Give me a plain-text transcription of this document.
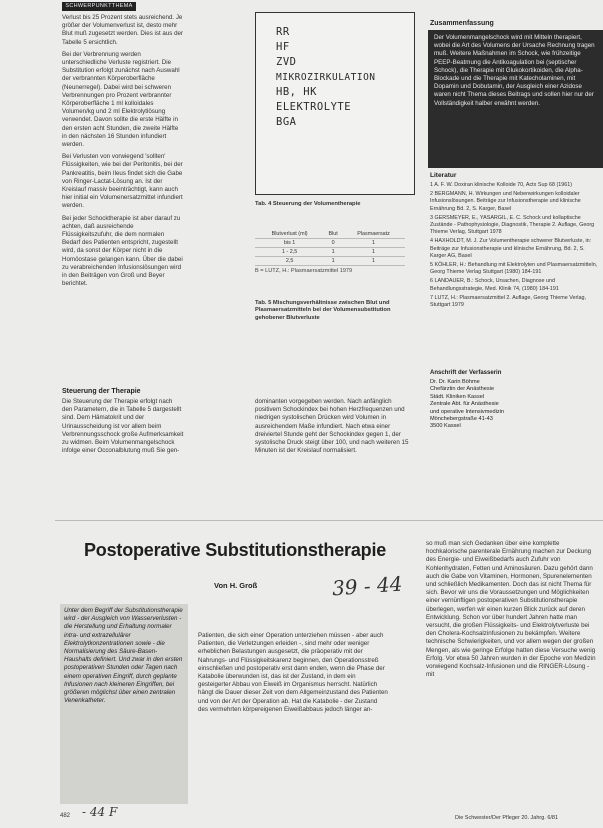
SCHWERPUNKTTHEMA

Verlust bis 25 Prozent stets ausreichend. Je größer der Volumenverlust ist, desto mehr Blut muß zugesetzt werden. Dies ist aus der Tabelle 5 ersichtlich.

Bei der Verbrennung werden unterschiedliche Verluste registriert. Die Substitution erfolgt zunächst nach Auswahl der verbrannten Körperoberfläche (Neunerregel). Dabei wird bei schweren Verbrennungen pro Prozent verbrannter Körperoberfläche 1 ml kolloidales Volumen/kg und 2 ml Elektrolytlösung verwendet. Davon sollte die erste Hälfte in den ersten acht Stunden, die zweite Hälfte in den nächsten 16 Stunden infundiert werden.

Bei Verlusten von vorwiegend 'sollten' Flüssigkeiten, wie bei der Peritonitis, bei der Pankreatitis, beim Ileus findet sich die Gabe von Ringer-Lactat-Lösung an. Ist der Kreislauf massiv beeinträchtigt, kann auch hier initial ein Volumenersatzmittel infundiert werden.

Bei jeder Schocktherapie ist aber darauf zu achten, daß ausreichende Flüssigkeitszufuhr, die dem normalen Bedarf des Patienten entspricht, zugestellt wird, da sonst der Körper nicht in die Homöostase gelangen kann. Über die dabei zu verabreichenden Infusionslösungen wird in den Beiträgen von Groß und Beyer berichtet.

Steuerung der Therapie
Die Steuerung der Therapie erfolgt nach den Parametern, die in Tabelle 5 dargestellt sind. Dem Hämatokrit und der Urinausscheidung ist vor allem beim Verbrennungsschock große Aufmerksamkeit zu widmen. Beim Volumenmangelschock infolge einer Occonalblutung muß Sie gen-
RR
HF
ZVD
MIKROZIRKULATION
HB, HK
ELEKTROLYTE
BGA
Tab. 4 Steuerung der Volumentherapie
Blutverlust (ml)	Blut	Plasmaersatz
bis 1	0	1
1 - 2,5	1	1
2,5	1	1
B = LUTZ, H.: Plasmaersatzmittel 1979
Tab. 5 Mischungsverhältnisse zwischen Blut und Plasmaersatzmitteln bei der Volumensubstitution gehobener Blutverluste
dominanten vorgegeben werden. Nach anfänglich positivem Schockindex bei hohen Herzfrequenzen und niedrigen systolischen Drücken wird Volumen in ausreichendem Maße infundiert. Nach etwa einer dreiviertel Stunde geht der Schockindex gegen 1, der systolische Druck steigt über 100, und nach weiteren 15 Minuten ist der Kreislauf normalisiert.
Zusammenfassung
Der Volumenmangelschock wird mit Mitteln therapiert, wobei die Art des Volumens der Ursache Rechnung tragen muß. Weitere Maßnahmen im Schock, wie frühzeitige PEEP-Beatmung die Antikoagulation bei (septischer Schock), die Therapie mit Glukokortikoiden, die Alpha-Blockade und die Therapie mit Katecholaminen, mit Dopamin und Dobutamin, der Ausgleich einer Azidose waren nicht Thema dieses Beitrags und sollen hier nur der Vollständigkeit halber erwähnt werden.
Literatur
1 A. F. W. Doxiran klinische Kolloide 70, Actx Sup 68 (1961)
2 BERGMANN, H. Wirkungen und Nebenwirkungen kolloidaler Infusionslösungen. Beiträge zur Infusionstherapie und klinische Ernährung Bd. 2, S. Karger, Basel
3 GERSMEYER, E., YASARGIL, E. C. Schock und kollaptische Zustände - Pathophysiologie, Diagnostik, Therapie 2. Auflage, Georg Thieme Verlag, Stuttgart 1978
4 HAXHOLDT, M. J. Zur Volumentherapie schwerer Blutverluste, in: Beiträge zur Infusionstherapie und klinische Ernährung, Bd. 2, S. Karger AG, Basel
5 KÖHLER, H.: Behandlung mit Elektrolyten und Plasmaersatzmitteln, Georg Thieme Verlag Stuttgart (1980) 184-191
6 LANDAUER, B.: Schock, Ursachen, Diagnose und Behandlungsstrategie, Med. Klinik 74, (1980) 184-191
7 LUTZ, H.: Plasmaersatzmittel 2. Auflage, Georg Thieme Verlag, Stuttgart 1979
Anschrift der Verfasserin
Dr. Dr. Karin Böhme
Chefärztin der Anästhesie
Städt. Kliniken Kassel
Zentrale Abt. für Anästhesie
und operative Intensivmedizin
Mönchebergstraße 41-43
3500 Kassel
Postoperative Substitutionstherapie
Von H. Groß	39 - 44
Unter dem Begriff der Substitutionstherapie wird - der Ausgleich von Wasserverlusten - die Herstellung und Erhaltung normaler intra- und extrazellulärer Elektrolytkonzentrationen sowie - die Normalisierung des Säure-Basen-Haushalts definiert. Und zwar in den ersten postoperativen Stunden oder Tagen nach einem operativen Eingriff, durch geplante Infusionen nach kleineren Eingriffen, bei größeren möglichst über einen zentralen Venenkatheter.
Patienten, die sich einer Operation unterziehen müssen - aber auch Patienten, die Verletzungen erleiden -, sind mehr oder weniger erheblichen Belastungen ausgesetzt, die präoperativ mit der Nahrungs- und Flüssigkeitskarenz beginnen, den Operationsstreß einschließen und postoperativ erst dann enden, wenn die Phase der Katabolie überwunden ist, das ist der Zustand, in dem ein gesteigerter Abbau von Eiweiß im Organismus herrscht. Natürlich hängt die Dauer dieser Zeit von dem Allgemeinzustand des Patienten und von der Art der Operation ab. Hat die Katabolie - der Zustand des vermehrten körpereigenen Eiweißabbaus jedoch länger an-
so muß man sich Gedanken über eine komplette hochkalorische parenterale Ernährung machen zur Deckung des Energie- und Eiweißbedarfs auch Zufuhr von Kohlenhydraten, Fetten und Aminosäuren. Dazu gehört dann auch die Gabe von Vitaminen, Hormonen, Spurenelementen und schließlich Medikamenten. Doch das ist nicht Thema für sich. Bevor wir uns die Voraussetzungen und Möglichkeiten einer vernünftigen postoperativen Substitutionstherapie überlegen, werfen wir einen kurzen Blick zurück auf deren Entwicklung. Schon vor über hundert Jahren hatte man versucht, die großen Flüssigkeits- und Elektrolytverluste bei den Cholera-Kochsalzinfusionen zu bekämpfen. Weitere technische Schwierigkeiten, und vor allem wegen der großen Mengen, als wie geringe Erfolge hatten diese Versuche wenig Erfolg. Vor etwa 50 Jahren wurden in der Epoche von Medizin vorwiegend Kochsalz-Infusionen und die RINGER-Lösung - mit
482 - 44 F	Die Schwester/Der Pfleger 20. Jahrg. 6/81
